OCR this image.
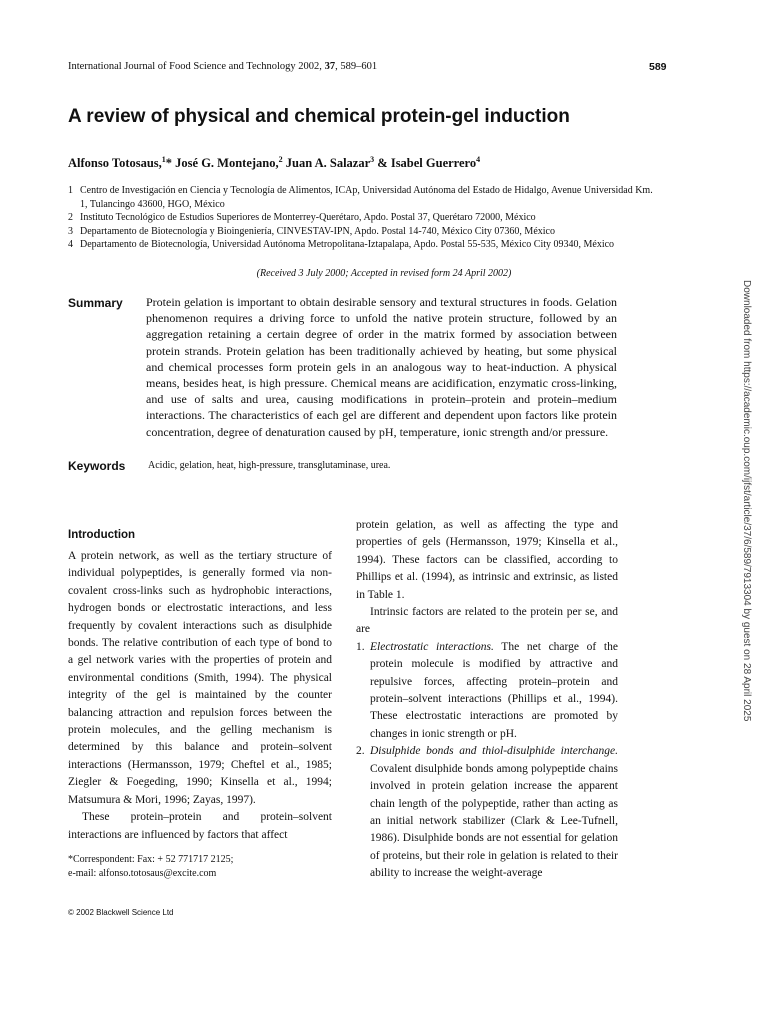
International Journal of Food Science and Technology 2002, 37, 589–601	589
A review of physical and chemical protein-gel induction
Alfonso Totosaus,$^1$* José G. Montejano,$^2$ Juan A. Salazar$^3$ & Isabel Guerrero$^4$
1 Centro de Investigación en Ciencia y Tecnología de Alimentos, ICAp, Universidad Autónoma del Estado de Hidalgo, Avenue Universidad Km. 1, Tulancingo 43600, HGO, México
2 Instituto Tecnológico de Estudios Superiores de Monterrey-Querétaro, Apdo. Postal 37, Querétaro 72000, México
3 Departamento de Biotecnología y Bioingeniería, CINVESTAV-IPN, Apdo. Postal 14-740, México City 07360, México
4 Departamento de Biotecnología, Universidad Autónoma Metropolitana-Iztapalapa, Apdo. Postal 55-535, México City 09340, México
(Received 3 July 2000; Accepted in revised form 24 April 2002)
Summary Protein gelation is important to obtain desirable sensory and textural structures in foods. Gelation phenomenon requires a driving force to unfold the native protein structure, followed by an aggregation retaining a certain degree of order in the matrix formed by association between protein strands. Protein gelation has been traditionally achieved by heating, but some physical and chemical processes form protein gels in an analogous way to heat-induction. A physical means, besides heat, is high pressure. Chemical means are acidification, enzymatic cross-linking, and use of salts and urea, causing modifications in protein–protein and protein–medium interactions. The characteristics of each gel are different and dependent upon factors like protein concentration, degree of denaturation caused by pH, temperature, ionic strength and/or pressure.
Keywords Acidic, gelation, heat, high-pressure, transglutaminase, urea.
Introduction

A protein network, as well as the tertiary structure of individual polypeptides, is generally formed via non-covalent cross-links such as hydrophobic interactions, hydrogen bonds or electrostatic interactions, and less frequently by covalent interactions such as disulphide bonds. The relative contribution of each type of bond to a gel network varies with the properties of protein and environmental conditions (Smith, 1994). The physical integrity of the gel is maintained by the counter balancing attraction and repulsion forces between the protein molecules, and the gelling mechanism is determined by this balance and protein–solvent interactions (Hermansson, 1979; Cheftel et al., 1985; Ziegler & Foegeding, 1990; Kinsella et al., 1994; Matsumura & Mori, 1996; Zayas, 1997).

These protein–protein and protein–solvent interactions are influenced by factors that affect

protein gelation, as well as affecting the type and properties of gels (Hermansson, 1979; Kinsella et al., 1994). These factors can be classified, according to Phillips et al. (1994), as intrinsic and extrinsic, as listed in Table 1.

Intrinsic factors are related to the protein per se, and are

1. Electrostatic interactions. The net charge of the protein molecule is modified by attractive and repulsive forces, affecting protein–protein and protein–solvent interactions (Phillips et al., 1994). These electrostatic interactions are promoted by changes in ionic strength or pH.
2. Disulphide bonds and thiol-disulphide interchange. Covalent disulphide bonds among polypeptide chains involved in protein gelation increase the apparent chain length of the polypeptide, rather than acting as an initial network stabilizer (Clark & Lee-Tufnell, 1986). Disulphide bonds are not essential for gelation of proteins, but their role in gelation is related to their ability to increase the weight-average
*Correspondent: Fax: + 52 771717 2125;
e-mail: alfonso.totosaus@excite.com
© 2002 Blackwell Science Ltd
Downloaded from https://academic.oup.com/ijfst/article/37/6/589/7913304 by guest on 28 April 2025
